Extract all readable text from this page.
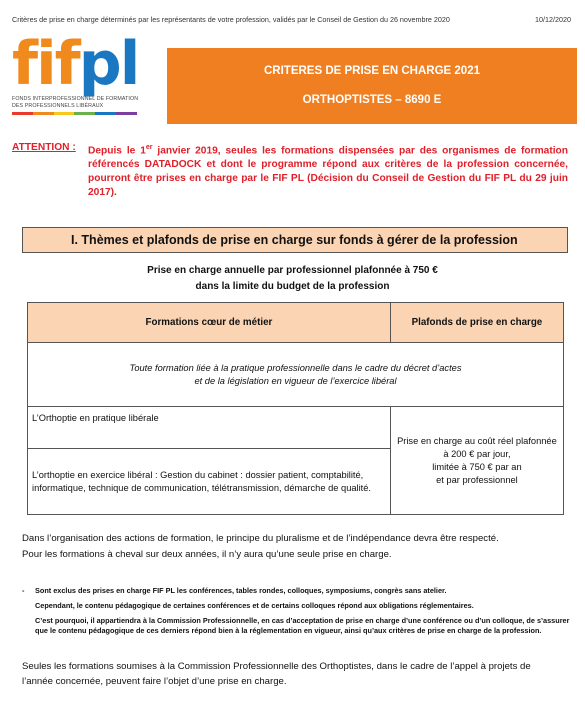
Critères de prise en charge déterminés par les représentants de votre profession, validés par le Conseil de Gestion du 26 novembre 2020	10/12/2020
fifpl
FONDS INTERPROFESSIONNEL DE FORMATION
DES PROFESSIONNELS LIBÉRAUX
CRITERES DE PRISE EN CHARGE 2021
ORTHOPTISTES – 8690 E
ATTENTION : Depuis le 1er janvier 2019, seules les formations dispensées par des organismes de formation référencés DATADOCK et dont le programme répond aux critères de la profession concernée, pourront être prises en charge par le FIF PL (Décision du Conseil de Gestion du FIF PL du 29 juin 2017).
I. Thèmes et plafonds de prise en charge sur fonds à gérer de la profession
Prise en charge annuelle par professionnel plafonnée à 750 €
dans la limite du budget de la profession
Formations cœur de métier	Plafonds de prise en charge

Toute formation liée à la pratique professionnelle dans le cadre du décret d’actes
et de la législation en vigueur de l’exercice libéral	

L’Orthoptie en pratique libérale	Prise en charge au coût réel plafonnée
à 200 € par jour,
limitée à 750 € par an
et par professionnel

L’orthoptie en exercice libéral : Gestion du cabinet : dossier patient, comptabilité, informatique, technique de communication, télétransmission, démarche de qualité.	
Dans l’organisation des actions de formation, le principe du pluralisme et de l’indépendance devra être respecté.
Pour les formations à cheval sur deux années, il n’y aura qu’une seule prise en charge.
- Sont exclus des prises en charge FIF PL les conférences, tables rondes, colloques, symposiums, congrès sans atelier.

Cependant, le contenu pédagogique de certaines conférences et de certains colloques répond aux obligations réglementaires.

C’est pourquoi, il appartiendra à la Commission Professionnelle, en cas d’acceptation de prise en charge d’une conférence ou d’un colloque, de s’assurer que le contenu pédagogique de ces derniers répond bien à la réglementation en vigueur, ainsi qu’aux critères de prise en charge de la profession.

Seules les formations soumises à la Commission Professionnelle des Orthoptistes, dans le cadre de l’appel à projets de l’année concernée, peuvent faire l’objet d’une prise en charge.
